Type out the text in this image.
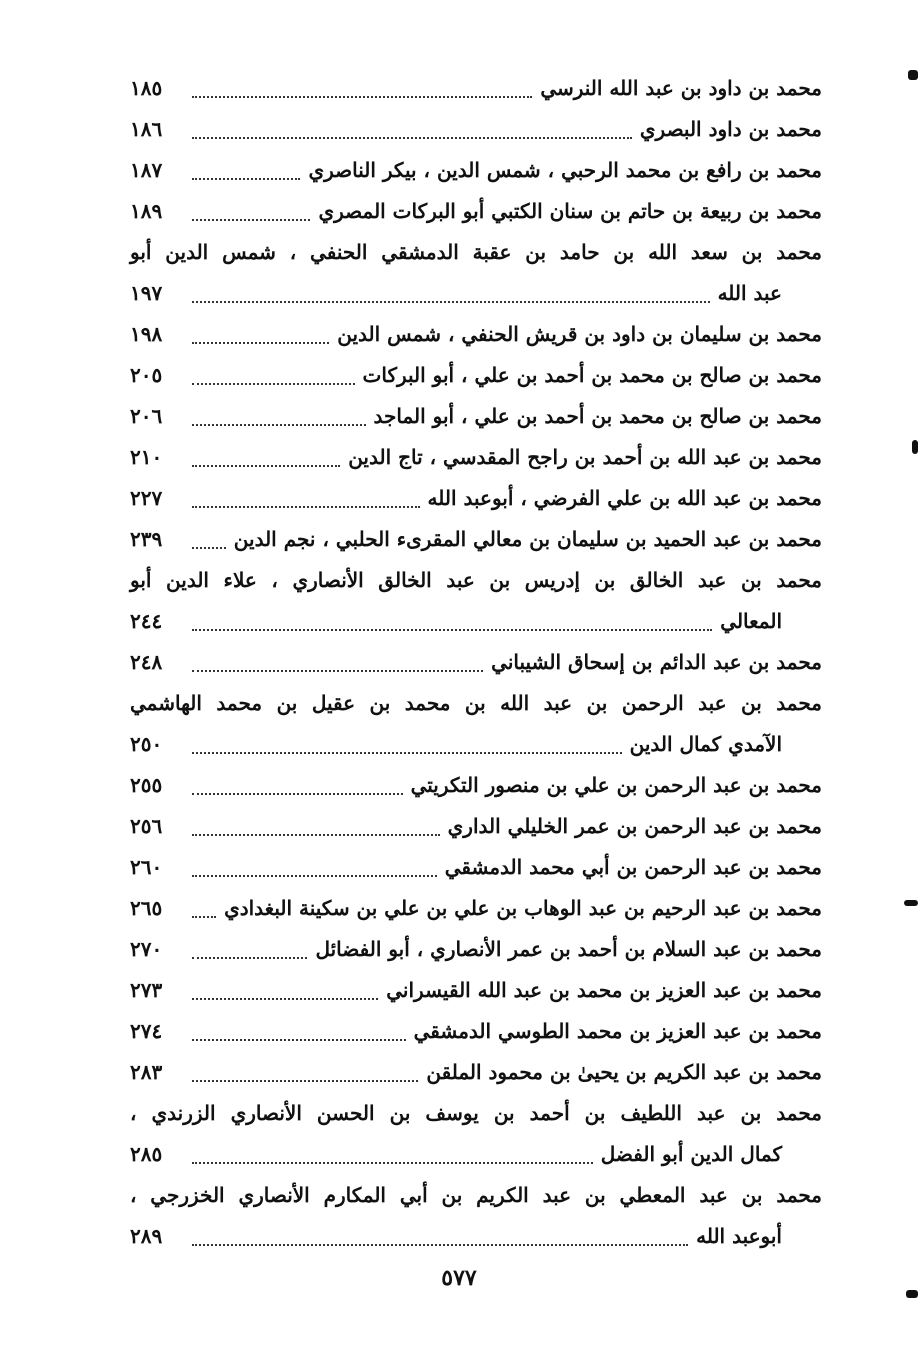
محمد بن داود بن عبد الله النرسي
١٨٥
محمد بن داود البصري
١٨٦
محمد بن رافع بن محمد الرحبي ، شمس الدين ، بيكر الناصري
١٨٧
محمد بن ربيعة بن حاتم بن سنان الكتبي أبو البركات المصري
١٨٩
محمد بن سعد الله بن حامد بن عقبة الدمشقي الحنفي ، شمس الدين أبو
عبد الله
١٩٧
محمد بن سليمان بن داود بن قريش الحنفي ، شمس الدين
١٩٨
محمد بن صالح بن محمد بن أحمد بن علي ، أبو البركات
٢٠٥
محمد بن صالح بن محمد بن أحمد بن علي ، أبو الماجد
٢٠٦
محمد بن عبد الله بن أحمد بن راجح المقدسي ، تاج الدين
٢١٠
محمد بن عبد الله بن علي الفرضي ، أبوعبد الله
٢٢٧
محمد بن عبد الحميد بن سليمان بن معالي المقرىء الحلبي ، نجم الدين
٢٣٩
محمد بن عبد الخالق بن إدريس بن عبد الخالق الأنصاري ، علاء الدين أبو
المعالي
٢٤٤
محمد بن عبد الدائم بن إسحاق الشيباني
٢٤٨
محمد بن عبد الرحمن بن عبد الله بن محمد بن عقيل بن محمد الهاشمي
الآمدي كمال الدين
٢٥٠
محمد بن عبد الرحمن بن علي بن منصور التكريتي
٢٥٥
محمد بن عبد الرحمن بن عمر الخليلي الداري
٢٥٦
محمد بن عبد الرحمن بن أبي محمد الدمشقي
٢٦٠
محمد بن عبد الرحيم بن عبد الوهاب بن علي بن علي بن سكينة البغدادي
٢٦٥
محمد بن عبد السلام بن أحمد بن عمر الأنصاري ، أبو الفضائل
٢٧٠
محمد بن عبد العزيز بن محمد بن عبد الله القيسراني
٢٧٣
محمد بن عبد العزيز بن محمد الطوسي الدمشقي
٢٧٤
محمد بن عبد الكريم بن يحيىٰ بن محمود الملقن
٢٨٣
محمد بن عبد اللطيف بن أحمد بن يوسف بن الحسن الأنصاري الزرندي ،
كمال الدين أبو الفضل
٢٨٥
محمد بن عبد المعطي بن عبد الكريم بن أبي المكارم الأنصاري الخزرجي ،
أبوعبد الله
٢٨٩
٥٧٧
